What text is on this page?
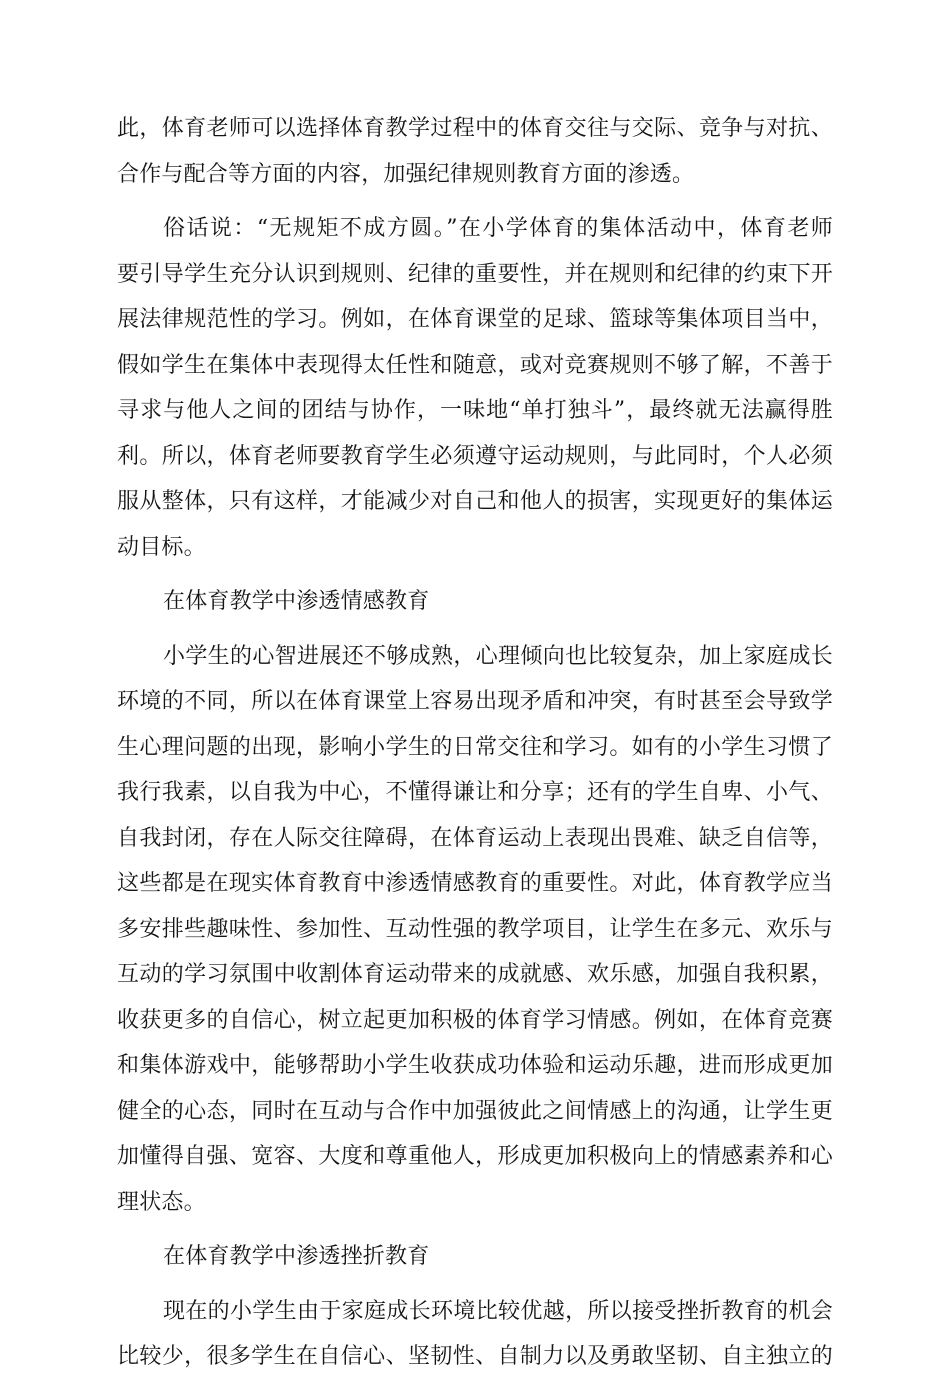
此，体育老师可以选择体育教学过程中的体育交往与交际、竞争与对抗、
合作与配合等方面的内容，加强纪律规则教育方面的渗透。
俗话说：“无规矩不成方圆。”在小学体育的集体活动中，体育老师
要引导学生充分认识到规则、纪律的重要性，并在规则和纪律的约束下开
展法律规范性的学习。例如，在体育课堂的足球、篮球等集体项目当中，
假如学生在集体中表现得太任性和随意，或对竞赛规则不够了解，不善于
寻求与他人之间的团结与协作，一味地“单打独斗”，最终就无法赢得胜
利。所以，体育老师要教育学生必须遵守运动规则，与此同时，个人必须
服从整体，只有这样，才能减少对自己和他人的损害，实现更好的集体运
动目标。
在体育教学中渗透情感教育
小学生的心智进展还不够成熟，心理倾向也比较复杂，加上家庭成长
环境的不同，所以在体育课堂上容易出现矛盾和冲突，有时甚至会导致学
生心理问题的出现，影响小学生的日常交往和学习。如有的小学生习惯了
我行我素，以自我为中心，不懂得谦让和分享；还有的学生自卑、小气、
自我封闭，存在人际交往障碍，在体育运动上表现出畏难、缺乏自信等，
这些都是在现实体育教育中渗透情感教育的重要性。对此，体育教学应当
多安排些趣味性、参加性、互动性强的教学项目，让学生在多元、欢乐与
互动的学习氛围中收割体育运动带来的成就感、欢乐感，加强自我积累，
收获更多的自信心，树立起更加积极的体育学习情感。例如，在体育竞赛
和集体游戏中，能够帮助小学生收获成功体验和运动乐趣，进而形成更加
健全的心态，同时在互动与合作中加强彼此之间情感上的沟通，让学生更
加懂得自强、宽容、大度和尊重他人，形成更加积极向上的情感素养和心
理状态。
在体育教学中渗透挫折教育
现在的小学生由于家庭成长环境比较优越，所以接受挫折教育的机会
比较少，很多学生在自信心、坚韧性、自制力以及勇敢坚韧、自主独立的
